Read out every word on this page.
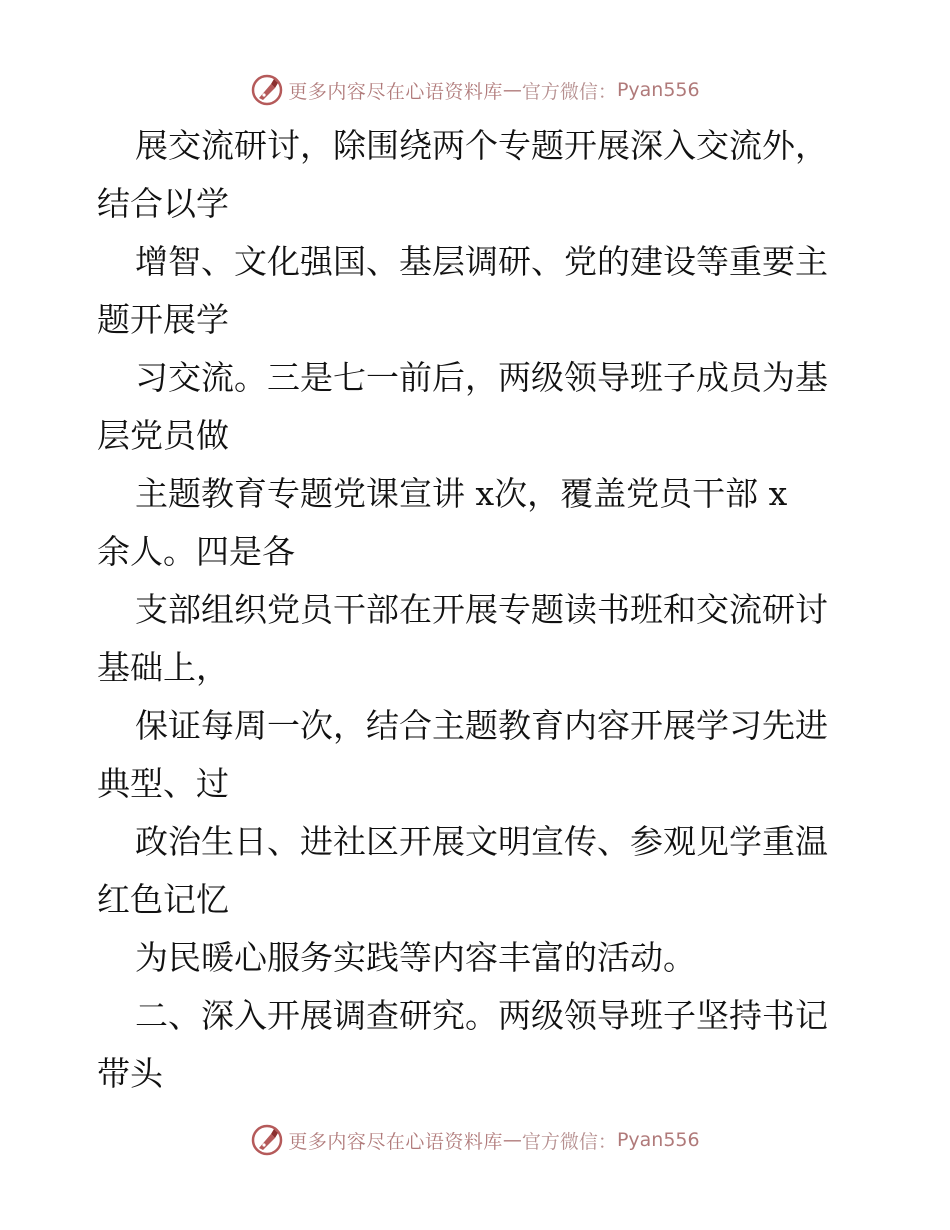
更多内容尽在心语资料库 — 官方微信： Pyan556
展交流研讨，除围绕两个专题开展深入交流外，
结合以学
增智、文化强国、基层调研、党的建设等重要主
题开展学
习交流。三是七一前后，两级领导班子成员为基
层党员做
主题教育专题党课宣讲 x次，覆盖党员干部 x
余人。四是各
支部组织党员干部在开展专题读书班和交流研讨
基础上，
保证每周一次，结合主题教育内容开展学习先进
典型、过
政治生日、进社区开展文明宣传、参观见学重温
红色记忆
为民暖心服务实践等内容丰富的活动。
二、深入开展调查研究。两级领导班子坚持书记
带头
更多内容尽在心语资料库 — 官方微信： Pyan556
